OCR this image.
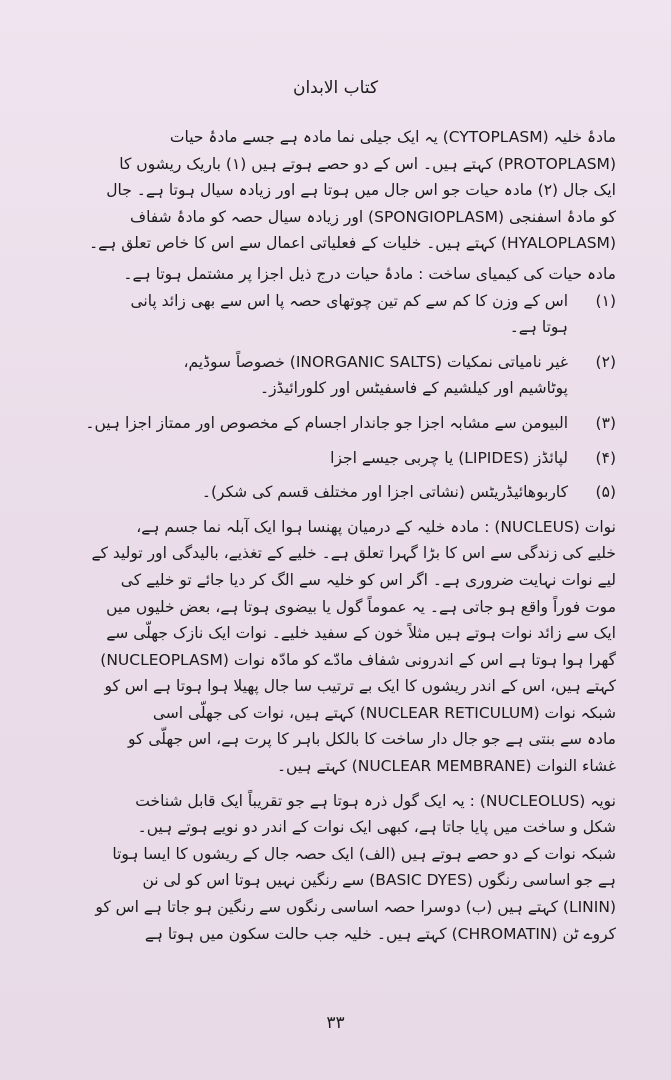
کتاب الابدان
مادۂ خلیہ (CYTOPLASM) یہ ایک جیلی نما مادہ ہے جسے مادۂ حیات
(PROTOPLASM) کہتے ہیں۔ اس کے دو حصے ہوتے ہیں (۱) باریک ریشوں کا
ایک جال (۲) مادہ حیات جو اس جال میں ہوتا ہے اور زیادہ سیال ہوتا ہے۔ جال
کو مادۂ اسفنجی (SPONGIOPLASM) اور زیادہ سیال حصہ کو مادۂ شفاف
(HYALOPLASM) کہتے ہیں۔ خلیات کے فعلیاتی اعمال سے اس کا خاص تعلق ہے۔
مادہ حیات کی کیمیای ساخت : مادۂ حیات درج ذیل اجزا پر مشتمل ہوتا ہے۔
(۱)
اس کے وزن کا کم سے کم تین چوتھای حصہ پا اس سے بھی زائد پانی
ہوتا ہے۔
(۲)
غیر نامیاتی نمکیات (INORGANIC SALTS) خصوصاً سوڈیم،
پوٹاشیم اور کیلشیم کے فاسفیٹس اور کلورائیڈز۔
(۳)
البیومن سے مشابہ اجزا جو جاندار اجسام کے مخصوص اور ممتاز اجزا ہیں۔
(۴)
لپائڈز (LIPIDES) یا چربی جیسے اجزا
(۵)
کاربوھائیڈریٹس (نشاتی اجزا اور مختلف قسم کی شکر)۔
نوات (NUCLEUS) : مادہ خلیہ کے درمیان پھنسا ہوا ایک آبلہ نما جسم ہے،
خلیے کی زندگی سے اس کا بڑا گہرا تعلق ہے۔ خلیے کے تغذیے، بالیدگی اور تولید کے
لیے نوات نہایت ضروری ہے۔ اگر اس کو خلیہ سے الگ کر دیا جائے تو خلیے کی
موت فوراً واقع ہو جاتی ہے۔ یہ عموماً گول یا بیضوی ہوتا ہے، بعض خلیوں میں
ایک سے زائد نوات ہوتے ہیں مثلاً خون کے سفید خلیے۔ نوات ایک نازک جھلّی سے
گھرا ہوا ہوتا ہے اس کے اندرونی شفاف مادّے کو مادّہ نوات (NUCLEOPLASM)
کہتے ہیں، اس کے اندر ریشوں کا ایک بے ترتیب سا جال پھیلا ہوا ہوتا ہے اس کو
شبکہ نوات (NUCLEAR RETICULUM) کہتے ہیں، نوات کی جھلّی اسی
مادہ سے بنتی ہے جو جال دار ساخت کا بالکل باہر کا پرت ہے، اس جھلّی کو
غشاء النوات (NUCLEAR MEMBRANE) کہتے ہیں۔
نویہ (NUCLEOLUS) : یہ ایک گول ذرہ ہوتا ہے جو تقریباً ایک قابل شناخت
شکل و ساخت میں پایا جاتا ہے، کبھی ایک نوات کے اندر دو نویے ہوتے ہیں۔
شبکہ نوات کے دو حصے ہوتے ہیں (الف) ایک حصہ جال کے ریشوں کا ایسا ہوتا
ہے جو اساسی رنگوں (BASIC DYES) سے رنگین نہیں ہوتا اس کو لی نن
(LININ) کہتے ہیں (ب) دوسرا حصہ اساسی رنگوں سے رنگین ہو جاتا ہے اس کو
کروے ٹن (CHROMATIN) کہتے ہیں۔ خلیہ جب حالت سکون میں ہوتا ہے
۳۳
